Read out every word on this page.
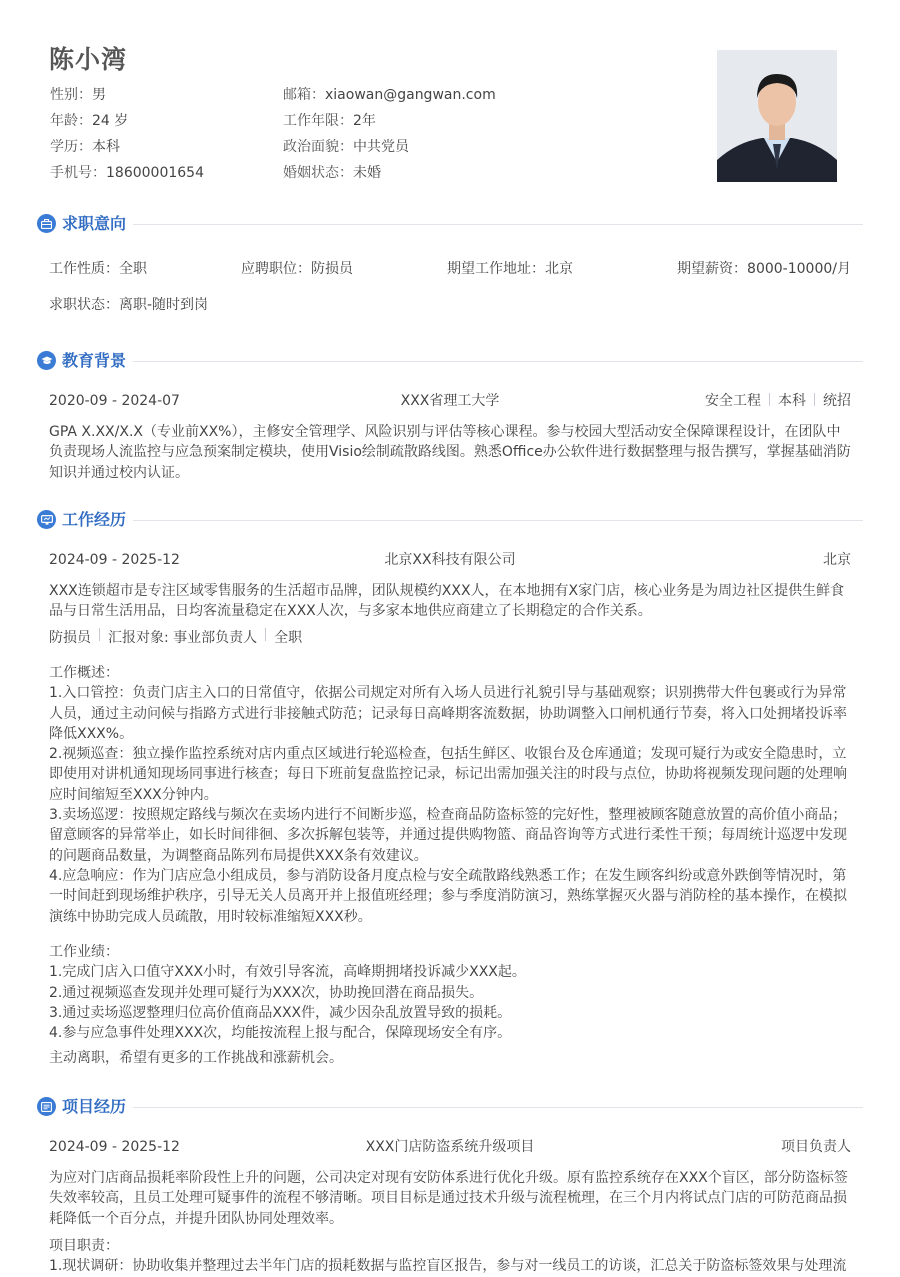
陈小湾
性别：男	邮箱：xiaowan@gangwan.com
年龄：24 岁	工作年限：2年
学历：本科	政治面貌：中共党员
手机号：18600001654	婚姻状态：未婚
求职意向
工作性质：全职	应聘职位：防损员	期望工作地址：北京	期望薪资：8000-10000/月
求职状态： 离职-随时到岗
教育背景
2020-09 - 2024-07	XXX省理工大学	安全工程 本科 统招
GPA X.XX/X.X（专业前XX%），主修安全管理学、风险识别与评估等核心课程。参与校园大型活动安全保障课程设计，在团队中负责现场人流监控与应急预案制定模块，使用Visio绘制疏散路线图。熟悉Office办公软件进行数据整理与报告撰写，掌握基础消防知识并通过校内认证。
工作经历
2024-09 - 2025-12	北京XX科技有限公司	北京
XXX连锁超市是专注区域零售服务的生活超市品牌，团队规模约XXX人，在本地拥有X家门店，核心业务是为周边社区提供生鲜食品与日常生活用品，日均客流量稳定在XXX人次，与多家本地供应商建立了长期稳定的合作关系。
防损员 汇报对象: 事业部负责人 全职
工作概述：
1.入口管控：负责门店主入口的日常值守，依据公司规定对所有入场人员进行礼貌引导与基础观察；识别携带大件包裹或行为异常人员，通过主动问候与指路方式进行非接触式防范；记录每日高峰期客流数据，协助调整入口闸机通行节奏，将入口处拥堵投诉率降低XXX%。
2.视频巡查：独立操作监控系统对店内重点区域进行轮巡检查，包括生鲜区、收银台及仓库通道；发现可疑行为或安全隐患时，立即使用对讲机通知现场同事进行核查；每日下班前复盘监控记录，标记出需加强关注的时段与点位，协助将视频发现问题的处理响应时间缩短至XXX分钟内。
3.卖场巡逻：按照规定路线与频次在卖场内进行不间断步巡，检查商品防盗标签的完好性，整理被顾客随意放置的高价值小商品；留意顾客的异常举止，如长时间徘徊、多次拆解包装等，并通过提供购物篮、商品咨询等方式进行柔性干预；每周统计巡逻中发现的问题商品数量，为调整商品陈列布局提供XXX条有效建议。
4.应急响应：作为门店应急小组成员，参与消防设备月度点检与安全疏散路线熟悉工作；在发生顾客纠纷或意外跌倒等情况时，第一时间赶到现场维护秩序，引导无关人员离开并上报值班经理；参与季度消防演习，熟练掌握灭火器与消防栓的基本操作，在模拟演练中协助完成人员疏散，用时较标准缩短XXX秒。
工作业绩：
1.完成门店入口值守XXX小时，有效引导客流，高峰期拥堵投诉减少XXX起。
2.通过视频巡查发现并处理可疑行为XXX次，协助挽回潜在商品损失。
3.通过卖场巡逻整理归位高价值商品XXX件，减少因杂乱放置导致的损耗。
4.参与应急事件处理XXX次，均能按流程上报与配合，保障现场安全有序。
主动离职，希望有更多的工作挑战和涨薪机会。
项目经历
2024-09 - 2025-12	XXX门店防盗系统升级项目	项目负责人
为应对门店商品损耗率阶段性上升的问题，公司决定对现有安防体系进行优化升级。原有监控系统存在XXX个盲区，部分防盗标签失效率较高，且员工处理可疑事件的流程不够清晰。项目目标是通过技术升级与流程梳理，在三个月内将试点门店的可防范商品损耗降低一个百分点，并提升团队协同处理效率。
项目职责：
1.现状调研：协助收集并整理过去半年门店的损耗数据与监控盲区报告，参与对一线员工的访谈，汇总关于防盗标签效果与处理流
